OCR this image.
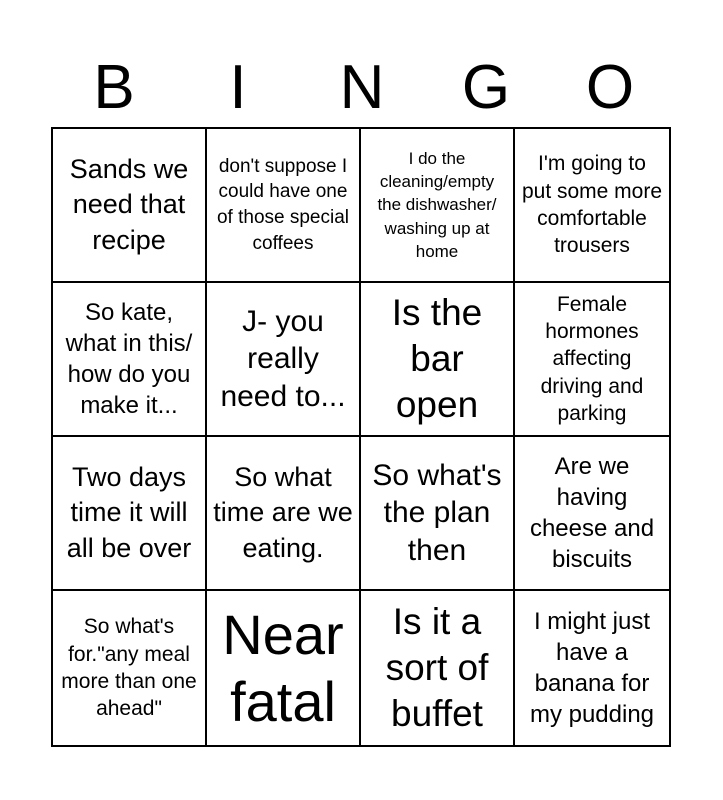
B	I	N	G	O
Sands we need that recipe
don't suppose I could have one of those special coffees
I do the cleaning/empty the dishwasher/ washing up at home
I'm going to put some more comfortable trousers
So kate, what in this/ how do you make it...
J- you really need to...
Is the bar open
Female hormones affecting driving and parking
Two days time it will all be over
So what time are we eating.
So what's the plan then
Are we having cheese and biscuits
So what's for."any meal more than one ahead"
Near fatal
Is it a sort of buffet
I might just have a banana for my pudding
